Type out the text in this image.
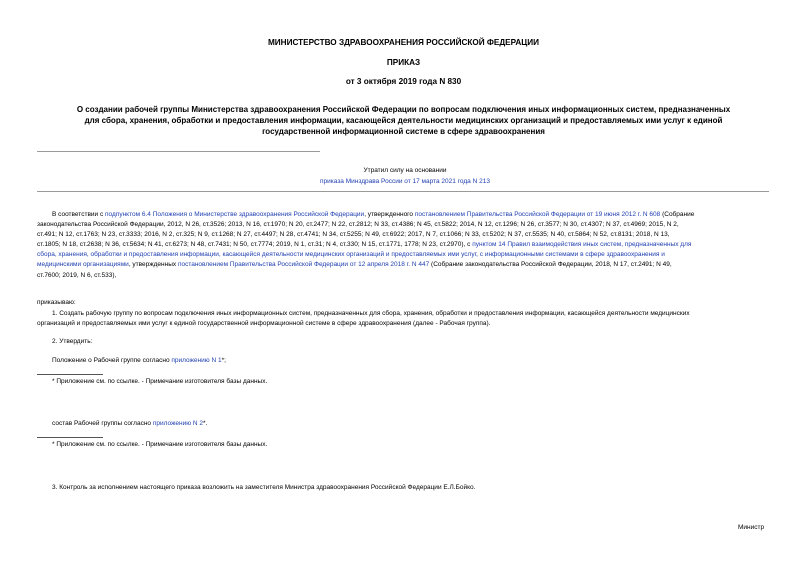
МИНИСТЕРСТВО ЗДРАВООХРАНЕНИЯ РОССИЙСКОЙ ФЕДЕРАЦИИ
ПРИКАЗ
от 3 октября 2019 года N 830
О создании рабочей группы Министерства здравоохранения Российской Федерации по вопросам подключения иных информационных систем, предназначенных
для сбора, хранения, обработки и предоставления информации, касающейся деятельности медицинских организаций и предоставляемых ими услуг к единой
государственной информационной системе в сфере здравоохранения
Утратил силу на основании
приказа Минздрава России от 17 марта 2021 года N 213
В соответствии с подпунктом 6.4 Положения о Министерстве здравоохранения Российской Федерации, утвержденного постановлением Правительства Российской Федерации от 19 июня 2012 г. N 608 (Собрание
законодательства Российской Федерации, 2012, N 26, ст.3526; 2013, N 16, ст.1970; N 20, ст.2477; N 22, ст.2812; N 33, ст.4386; N 45, ст.5822; 2014, N 12, ст.1296; N 26, ст.3577; N 30, ст.4307; N 37, ст.4969; 2015, N 2,
ст.491; N 12, ст.1763; N 23, ст.3333; 2016, N 2, ст.325; N 9, ст.1268; N 27, ст.4497; N 28, ст.4741; N 34, ст.5255; N 49, ст.6922; 2017, N 7, ст.1066; N 33, ст.5202; N 37, ст.5535; N 40, ст.5864; N 52, ст.8131; 2018, N 13,
ст.1805; N 18, ст.2638; N 36, ст.5634; N 41, ст.6273; N 48, ст.7431; N 50, ст.7774; 2019, N 1, ст.31; N 4, ст.330; N 15, ст.1771, 1778; N 23, ст.2970), с пунктом 14 Правил взаимодействия иных систем, предназначенных для
сбора, хранения, обработки и предоставления информации, касающейся деятельности медицинских организаций и предоставляемых ими услуг, с информационными системами в сфере здравоохранения и
медицинскими организациями, утвержденных постановлением Правительства Российской Федерации от 12 апреля 2018 г. N 447 (Собрание законодательства Российской Федерации, 2018, N 17, ст.2491; N 49,
ст.7600; 2019, N 6, ст.533),
приказываю:
1. Создать рабочую группу по вопросам подключения иных информационных систем, предназначенных для сбора, хранения, обработки и предоставления информации, касающейся деятельности медицинских
организаций и предоставляемых ими услуг к единой государственной информационной системе в сфере здравоохранения (далее - Рабочая группа).
2. Утвердить:
Положение о Рабочей группе согласно приложению N 1*;
* Приложение см. по ссылке. - Примечание изготовителя базы данных.
состав Рабочей группы согласно приложению N 2*.
* Приложение см. по ссылке. - Примечание изготовителя базы данных.
3. Контроль за исполнением настоящего приказа возложить на заместителя Министра здравоохранения Российской Федерации Е.Л.Бойко.
Министр
